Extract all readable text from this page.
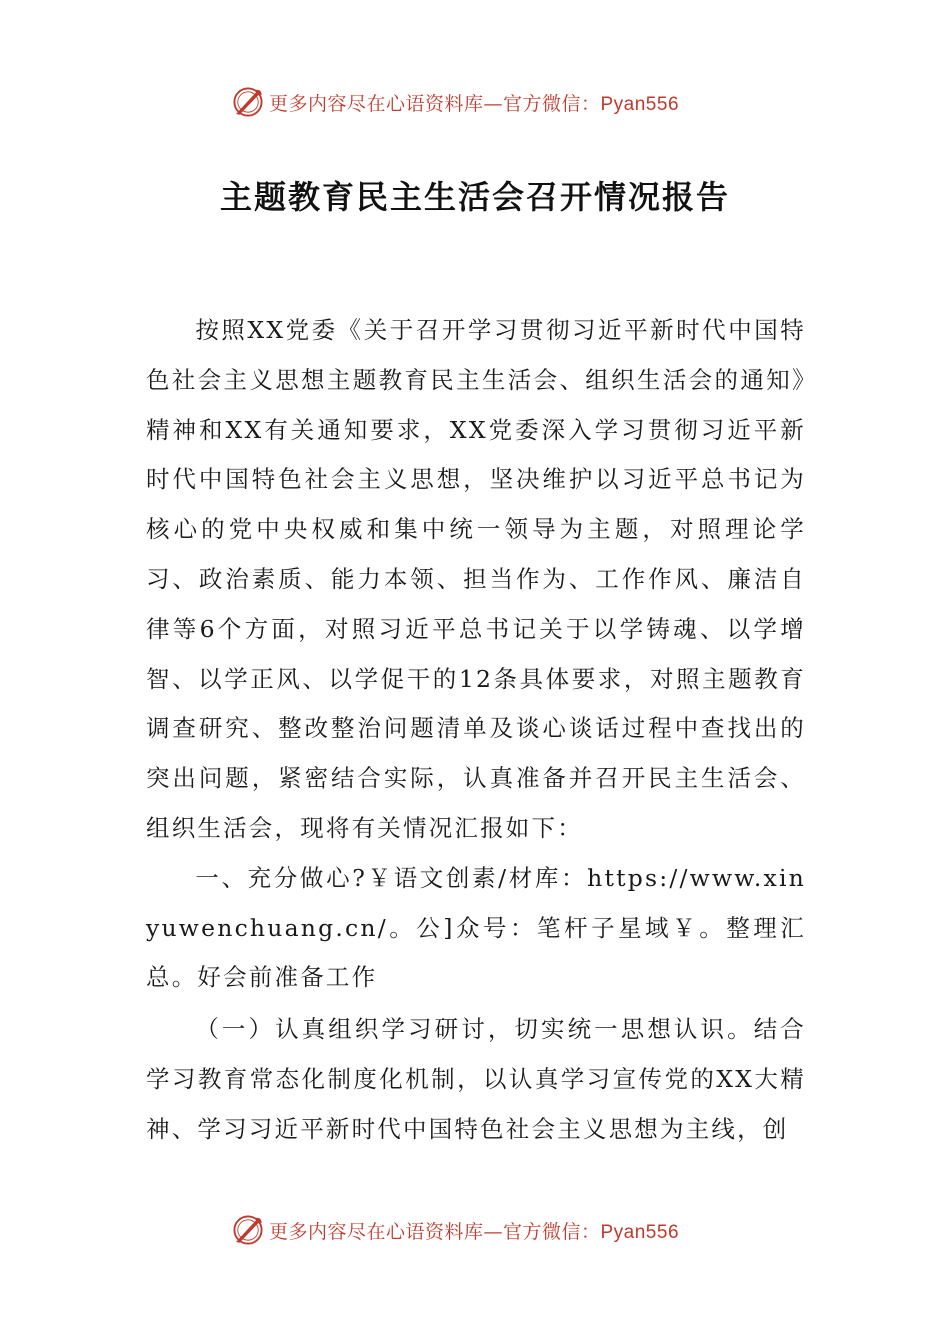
更多内容尽在心语资料库—官方微信：Pyan556
主题教育民主生活会召开情况报告

按照XX党委《关于召开学习贯彻习近平新时代中国特色社会主义思想主题教育民主生活会、组织生活会的通知》精神和XX有关通知要求，XX党委深入学习贯彻习近平新时代中国特色社会主义思想，坚决维护以习近平总书记为核心的党中央权威和集中统一领导为主题，对照理论学习、政治素质、能力本领、担当作为、工作作风、廉洁自律等6个方面，对照习近平总书记关于以学铸魂、以学增智、以学正风、以学促干的12条具体要求，对照主题教育调查研究、整改整治问题清单及谈心谈话过程中查找出的突出问题，紧密结合实际，认真准备并召开民主生活会、组织生活会，现将有关情况汇报如下：

一、充分做心?￥语文创素/材库：https://www.xinyuwenchuang.cn/。公]众号：笔杆子星域￥。整理汇总。好会前准备工作

（一）认真组织学习研讨，切实统一思想认识。结合学习教育常态化制度化机制，以认真学习宣传党的XX大精神、学习习近平新时代中国特色社会主义思想为主线，创

更多内容尽在心语资料库—官方微信：Pyan556
